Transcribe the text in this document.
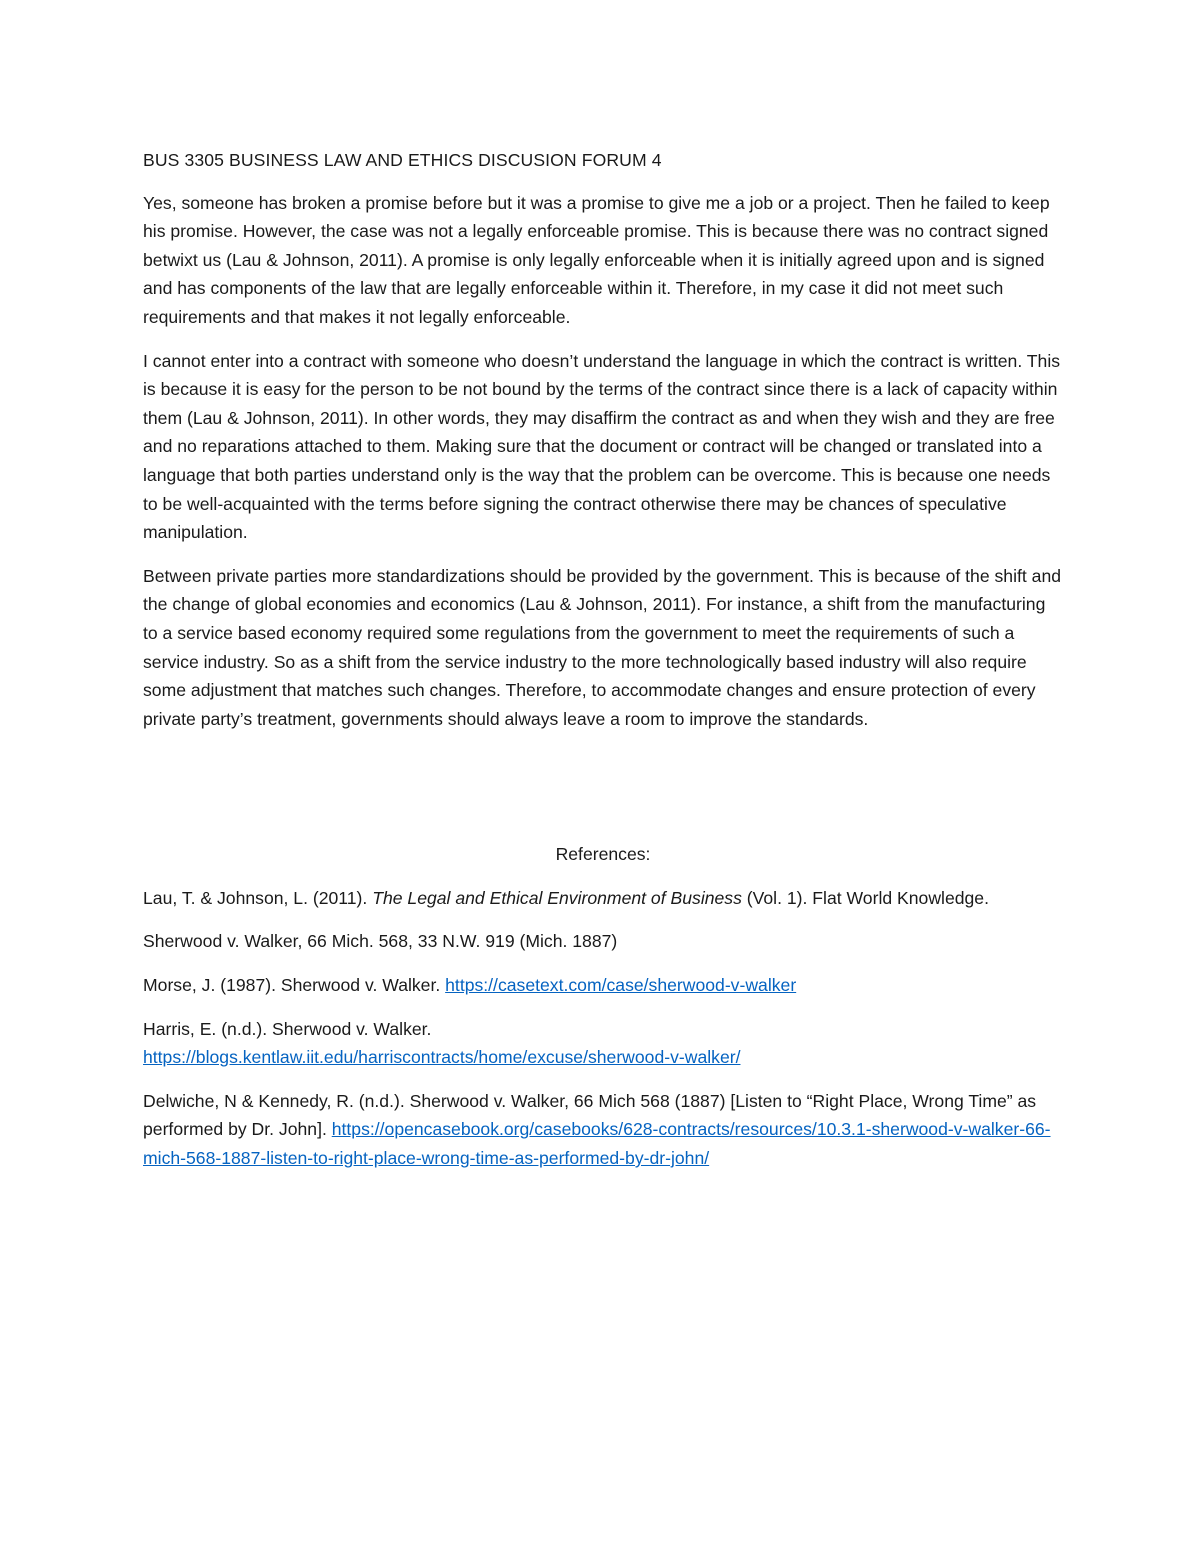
BUS 3305 BUSINESS LAW AND ETHICS DISCUSION FORUM 4

Yes, someone has broken a promise before but it was a promise to give me a job or a project. Then he failed to keep his promise. However, the case was not a legally enforceable promise. This is because there was no contract signed betwixt us (Lau & Johnson, 2011). A promise is only legally enforceable when it is initially agreed upon and is signed and has components of the law that are legally enforceable within it. Therefore, in my case it did not meet such requirements and that makes it not legally enforceable.

I cannot enter into a contract with someone who doesn’t understand the language in which the contract is written. This is because it is easy for the person to be not bound by the terms of the contract since there is a lack of capacity within them (Lau & Johnson, 2011). In other words, they may disaffirm the contract as and when they wish and they are free and no reparations attached to them. Making sure that the document or contract will be changed or translated into a language that both parties understand only is the way that the problem can be overcome. This is because one needs to be well-acquainted with the terms before signing the contract otherwise there may be chances of speculative manipulation.

Between private parties more standardizations should be provided by the government. This is because of the shift and the change of global economies and economics (Lau & Johnson, 2011). For instance, a shift from the manufacturing to a service based economy required some regulations from the government to meet the requirements of such a service industry. So as a shift from the service industry to the more technologically based industry will also require some adjustment that matches such changes. Therefore, to accommodate changes and ensure protection of every private party’s treatment, governments should always leave a room to improve the standards.

References:

Lau, T. & Johnson, L. (2011). The Legal and Ethical Environment of Business (Vol. 1). Flat World Knowledge.

Sherwood v. Walker, 66 Mich. 568, 33 N.W. 919 (Mich. 1887)

Morse, J. (1987). Sherwood v. Walker. https://casetext.com/case/sherwood-v-walker

Harris, E. (n.d.). Sherwood v. Walker.
https://blogs.kentlaw.iit.edu/harriscontracts/home/excuse/sherwood-v-walker/

Delwiche, N & Kennedy, R. (n.d.). Sherwood v. Walker, 66 Mich 568 (1887) [Listen to “Right Place, Wrong Time” as performed by Dr. John]. https://opencasebook.org/casebooks/628-contracts/resources/10.3.1-sherwood-v-walker-66-mich-568-1887-listen-to-right-place-wrong-time-as-performed-by-dr-john/
